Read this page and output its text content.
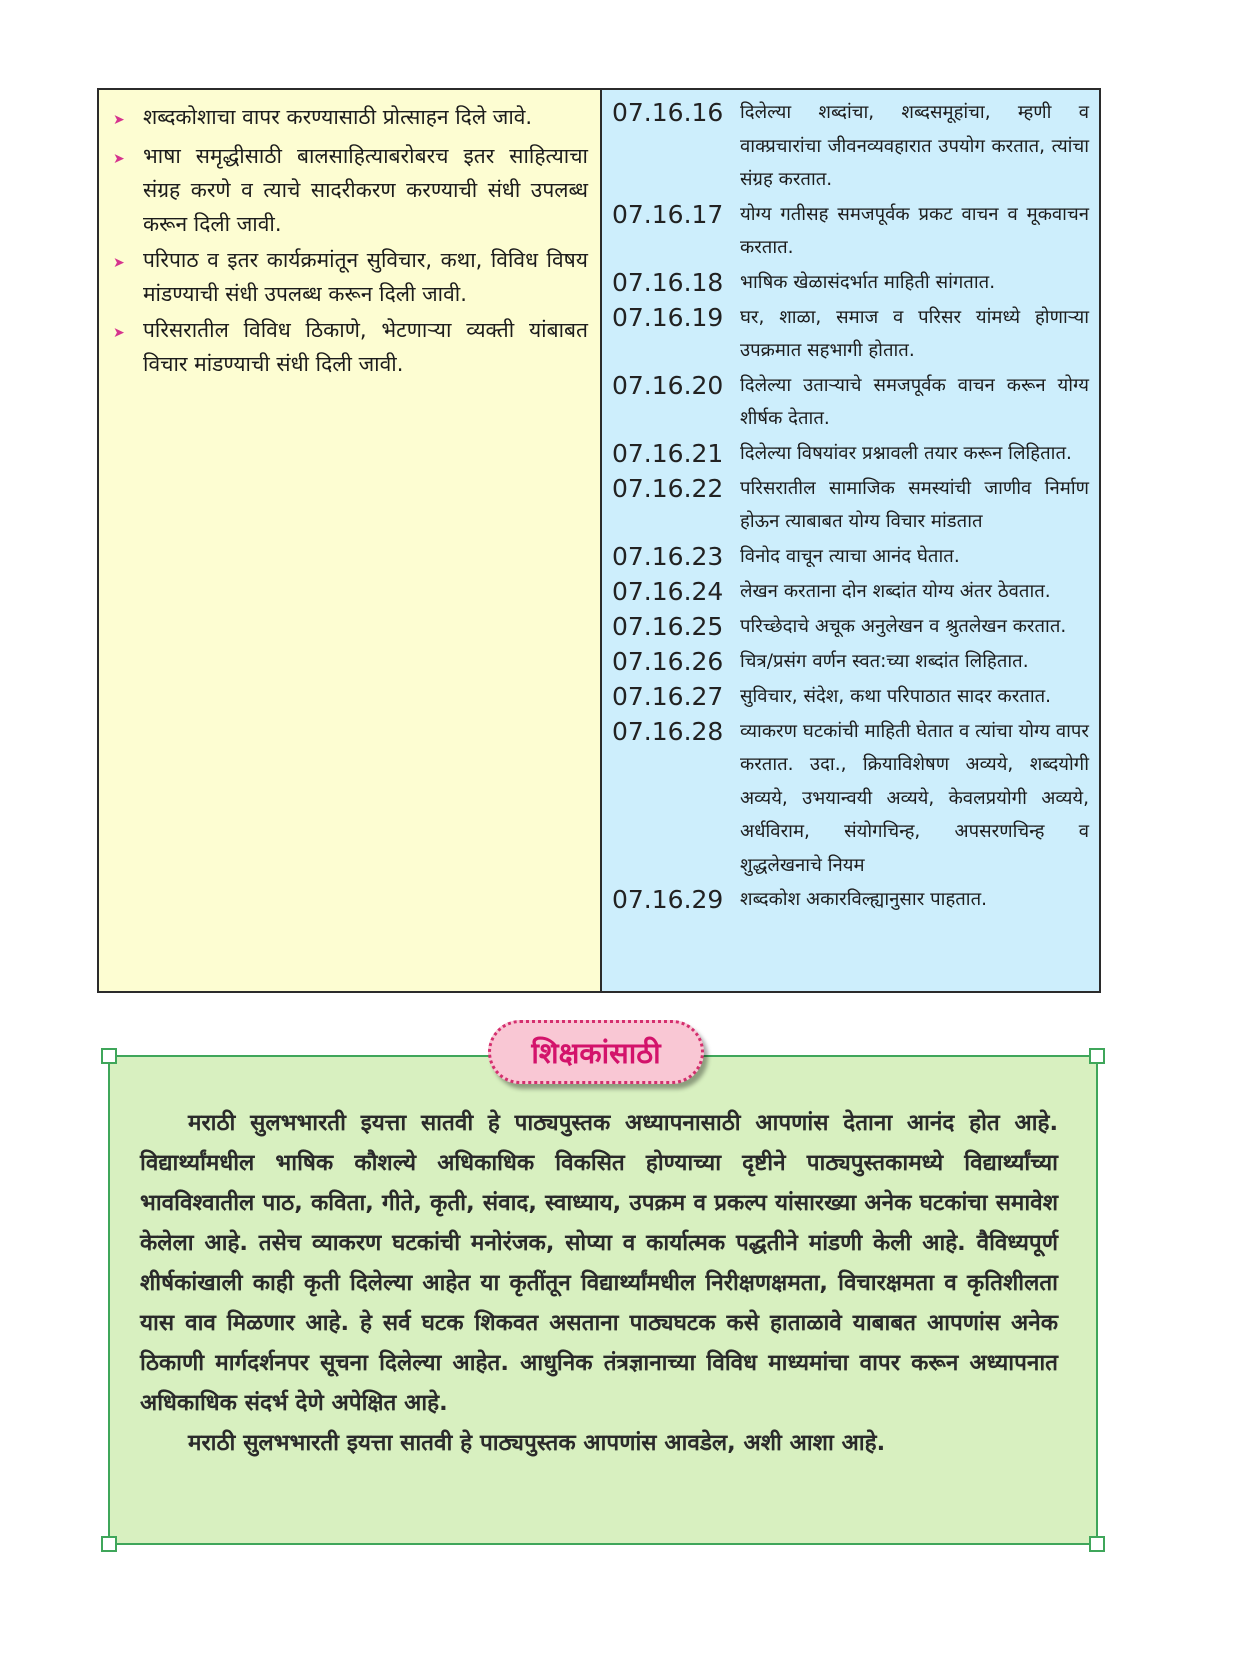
➤ शब्दकोशाचा वापर करण्यासाठी प्रोत्साहन दिले जावे.
➤ भाषा समृद्धीसाठी बालसाहित्याबरोबरच इतर साहित्याचा संग्रह करणे व त्याचे सादरीकरण करण्याची संधी उपलब्ध करून दिली जावी.
➤ परिपाठ व इतर कार्यक्रमांतून सुविचार, कथा, विविध विषय मांडण्याची संधी उपलब्ध करून दिली जावी.
➤ परिसरातील विविध ठिकाणे, भेटणाऱ्या व्यक्ती यांबाबत विचार मांडण्याची संधी दिली जावी.
07.16.16 दिलेल्या शब्दांचा, शब्दसमूहांचा, म्हणी व वाक्प्रचारांचा जीवनव्यवहारात उपयोग करतात, त्यांचा संग्रह करतात.
07.16.17 योग्य गतीसह समजपूर्वक प्रकट वाचन व मूकवाचन करतात.
07.16.18 भाषिक खेळासंदर्भात माहिती सांगतात.
07.16.19 घर, शाळा, समाज व परिसर यांमध्ये होणाऱ्या उपक्रमात सहभागी होतात.
07.16.20 दिलेल्या उताऱ्याचे समजपूर्वक वाचन करून योग्य शीर्षक देतात.
07.16.21 दिलेल्या विषयांवर प्रश्नावली तयार करून लिहितात.
07.16.22 परिसरातील सामाजिक समस्यांची जाणीव निर्माण होऊन त्याबाबत योग्य विचार मांडतात
07.16.23 विनोद वाचून त्याचा आनंद घेतात.
07.16.24 लेखन करताना दोन शब्दांत योग्य अंतर ठेवतात.
07.16.25 परिच्छेदाचे अचूक अनुलेखन व श्रुतलेखन करतात.
07.16.26 चित्र/प्रसंग वर्णन स्वत:च्या शब्दांत लिहितात.
07.16.27 सुविचार, संदेश, कथा परिपाठात सादर करतात.
07.16.28 व्याकरण घटकांची माहिती घेतात व त्यांचा योग्य वापर करतात. उदा., क्रियाविशेषण अव्यये, शब्दयोगी अव्यये, उभयान्वयी अव्यये, केवलप्रयोगी अव्यये, अर्धविराम, संयोगचिन्ह, अपसरणचिन्ह व शुद्धलेखनाचे नियम
07.16.29 शब्दकोश अकारविल्ह्यानुसार पाहतात.

मराठी सुलभभारती इयत्ता सातवी हे पाठ्यपुस्तक अध्यापनासाठी आपणांस देताना आनंद होत आहे. विद्यार्थ्यांमधील भाषिक कौशल्ये अधिकाधिक विकसित होण्याच्या दृष्टीने पाठ्यपुस्तकामध्ये विद्यार्थ्यांच्या भावविश्वातील पाठ, कविता, गीते, कृती, संवाद, स्वाध्याय, उपक्रम व प्रकल्प यांसारख्या अनेक घटकांचा समावेश केलेला आहे. तसेच व्याकरण घटकांची मनोरंजक, सोप्या व कार्यात्मक पद्धतीने मांडणी केली आहे. वैविध्यपूर्ण शीर्षकांखाली काही कृती दिलेल्या आहेत या कृतींतून विद्यार्थ्यांमधील निरीक्षणक्षमता, विचारक्षमता व कृतिशीलता यास वाव मिळणार आहे. हे सर्व घटक शिकवत असताना पाठ्यघटक कसे हाताळावे याबाबत आपणांस अनेक ठिकाणी मार्गदर्शनपर सूचना दिलेल्या आहेत. आधुनिक तंत्रज्ञानाच्या विविध माध्यमांचा वापर करून अध्यापनात अधिकाधिक संदर्भ देणे अपेक्षित आहे.

मराठी सुलभभारती इयत्ता सातवी हे पाठ्यपुस्तक आपणांस आवडेल, अशी आशा आहे.

शिक्षकांसाठी
